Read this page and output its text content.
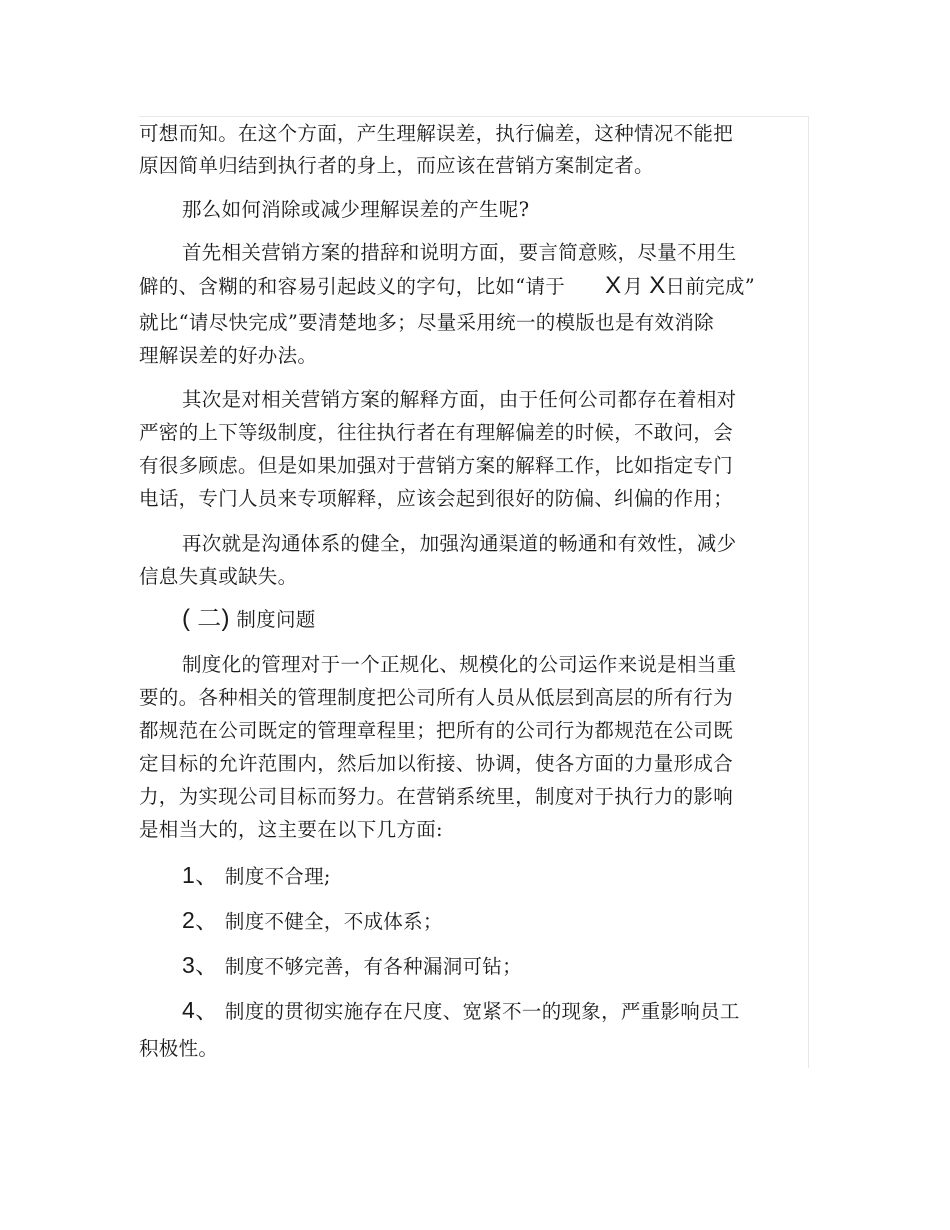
可想而知。在这个方面，产生理解误差，执行偏差，这种情况不能把
原因简单归结到执行者的身上，而应该在营销方案制定者。
那么如何消除或减少理解误差的产生呢?
首先相关营销方案的措辞和说明方面，要言简意赅，尽量不用生
僻的、含糊的和容易引起歧义的字句，比如“请于 X 月 X日前完成”
就比“请尽快完成”要清楚地多；尽量采用统一的模版也是有效消除
理解误差的好办法。
其次是对相关营销方案的解释方面，由于任何公司都存在着相对
严密的上下等级制度，往往执行者在有理解偏差的时候，不敢问，会
有很多顾虑。但是如果加强对于营销方案的解释工作，比如指定专门
电话，专门人员来专项解释，应该会起到很好的防偏、纠偏的作用；
再次就是沟通体系的健全，加强沟通渠道的畅通和有效性，减少
信息失真或缺失。
( 二) 制度问题
制度化的管理对于一个正规化、规模化的公司运作来说是相当重
要的。各种相关的管理制度把公司所有人员从低层到高层的所有行为
都规范在公司既定的管理章程里；把所有的公司行为都规范在公司既
定目标的允许范围内，然后加以衔接、协调，使各方面的力量形成合
力，为实现公司目标而努力。在营销系统里，制度对于执行力的影响
是相当大的，这主要在以下几方面:
1、 制度不合理;
2、 制度不健全，不成体系；
3、 制度不够完善，有各种漏洞可钻；
4、 制度的贯彻实施存在尺度、宽紧不一的现象，严重影响员工
积极性。
